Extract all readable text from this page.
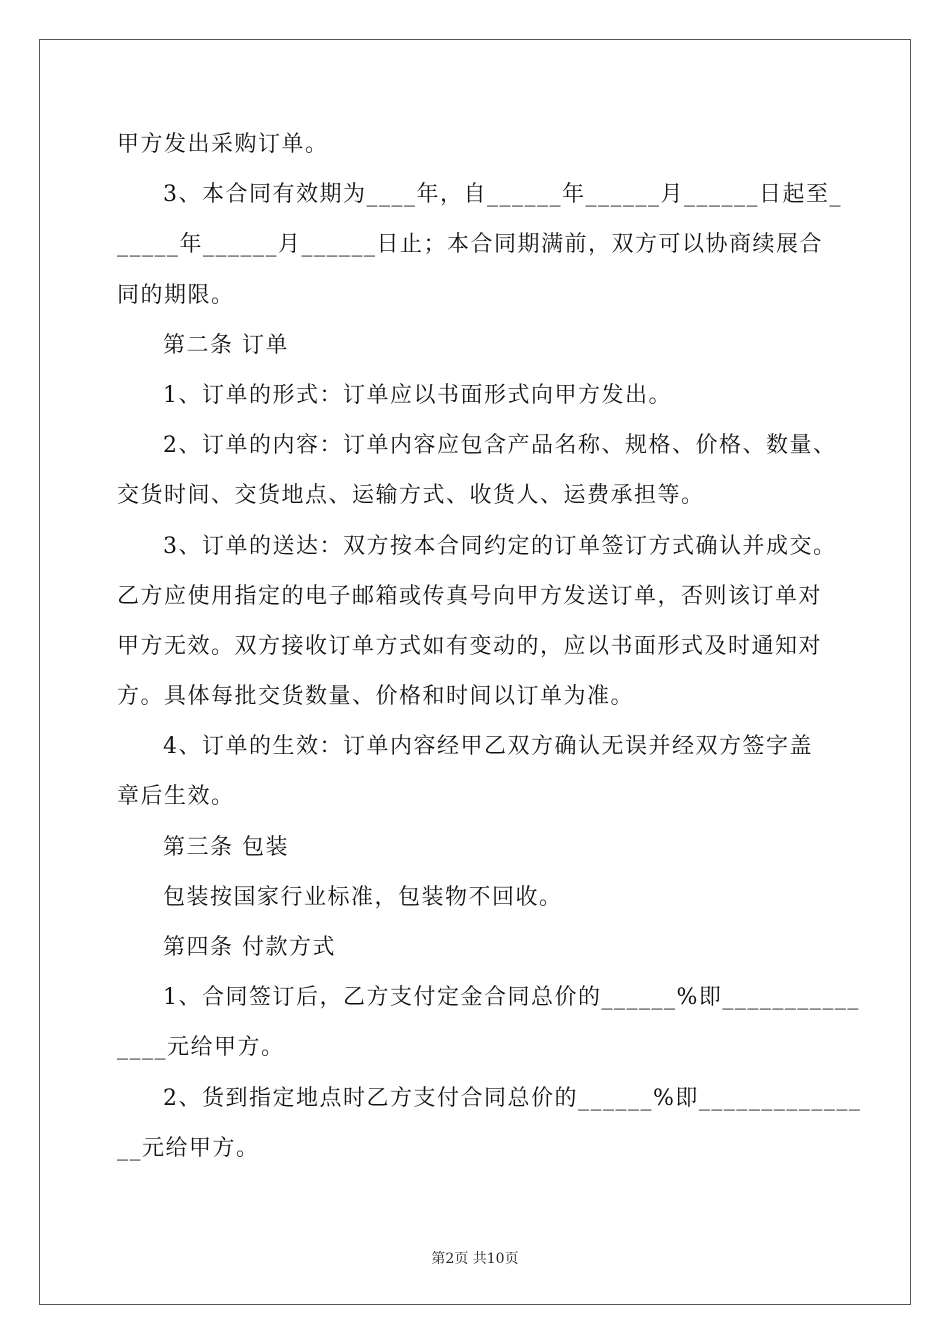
甲方发出采购订单。
3、本合同有效期为____年，自______年______月______日起至_
_____年______月______日止；本合同期满前，双方可以协商续展合
同的期限。
第二条 订单
1、订单的形式：订单应以书面形式向甲方发出。
2、订单的内容：订单内容应包含产品名称、规格、价格、数量、
交货时间、交货地点、运输方式、收货人、运费承担等。
3、订单的送达：双方按本合同约定的订单签订方式确认并成交。
乙方应使用指定的电子邮箱或传真号向甲方发送订单，否则该订单对
甲方无效。双方接收订单方式如有变动的，应以书面形式及时通知对
方。具体每批交货数量、价格和时间以订单为准。
4、订单的生效：订单内容经甲乙双方确认无误并经双方签字盖
章后生效。
第三条 包装
包装按国家行业标准，包装物不回收。
第四条 付款方式
1、合同签订后，乙方支付定金合同总价的______%即___________
____元给甲方。
2、货到指定地点时乙方支付合同总价的______%即_____________
__元给甲方。
第2页 共10页
